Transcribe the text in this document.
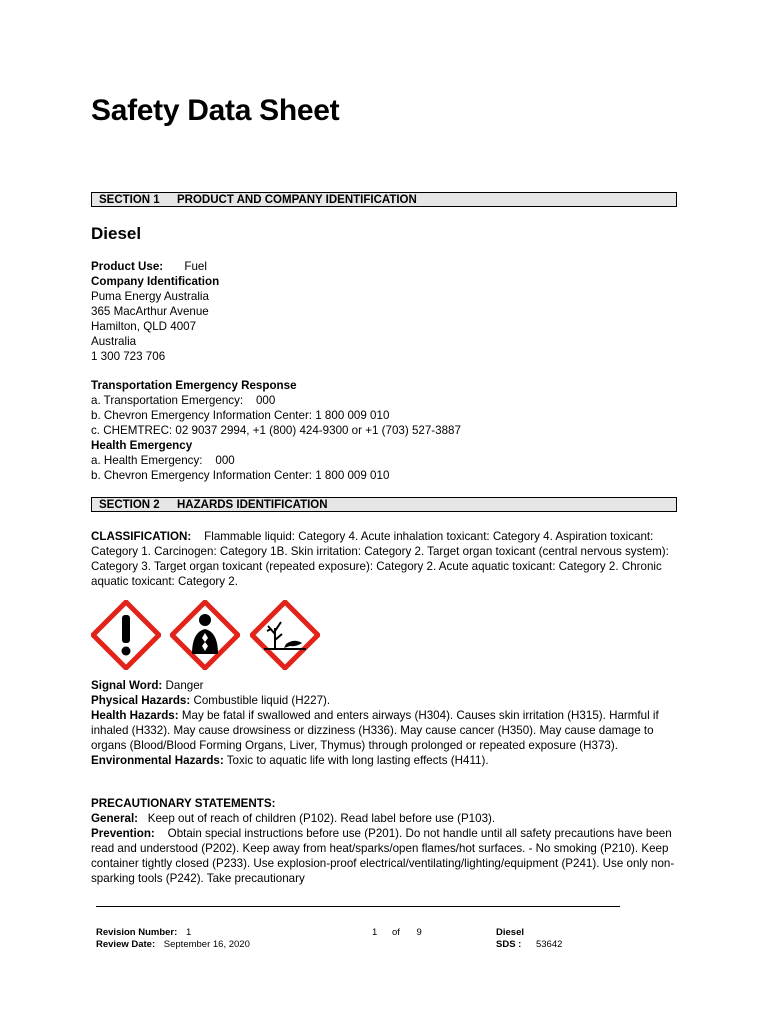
Safety Data Sheet
SECTION 1 PRODUCT AND COMPANY IDENTIFICATION
Diesel
Product Use: Fuel
Company Identification
Puma Energy Australia
365 MacArthur Avenue
Hamilton, QLD 4007
Australia
1 300 723 706
Transportation Emergency Response
a. Transportation Emergency:    000
b. Chevron Emergency Information Center: 1 800 009 010
c. CHEMTREC: 02 9037 2994, +1 (800) 424-9300 or +1 (703) 527-3887
Health Emergency
a. Health Emergency:    000
b. Chevron Emergency Information Center: 1 800 009 010
SECTION 2 HAZARDS IDENTIFICATION
CLASSIFICATION: Flammable liquid: Category 4. Acute inhalation toxicant: Category 4. Aspiration toxicant: Category 1. Carcinogen: Category 1B. Skin irritation: Category 2. Target organ toxicant (central nervous system): Category 3. Target organ toxicant (repeated exposure): Category 2. Acute aquatic toxicant: Category 2. Chronic aquatic toxicant: Category 2.

Signal Word: Danger
Physical Hazards: Combustible liquid (H227).
Health Hazards: May be fatal if swallowed and enters airways (H304). Causes skin irritation (H315). Harmful if inhaled (H332). May cause drowsiness or dizziness (H336). May cause cancer (H350). May cause damage to organs (Blood/Blood Forming Organs, Liver, Thymus) through prolonged or repeated exposure (H373).
Environmental Hazards: Toxic to aquatic life with long lasting effects (H411).
PRECAUTIONARY STATEMENTS:
General: Keep out of reach of children (P102). Read label before use (P103).
Prevention: Obtain special instructions before use (P201). Do not handle until all safety precautions have been read and understood (P202). Keep away from heat/sparks/open flames/hot surfaces. - No smoking (P210). Keep container tightly closed (P233). Use explosion-proof electrical/ventilating/lighting/equipment (P241). Use only non-sparking tools (P242). Take precautionary
Revision Number: 1
Review Date: September 16, 2020
1 of 9	Diesel
SDS : 53642
